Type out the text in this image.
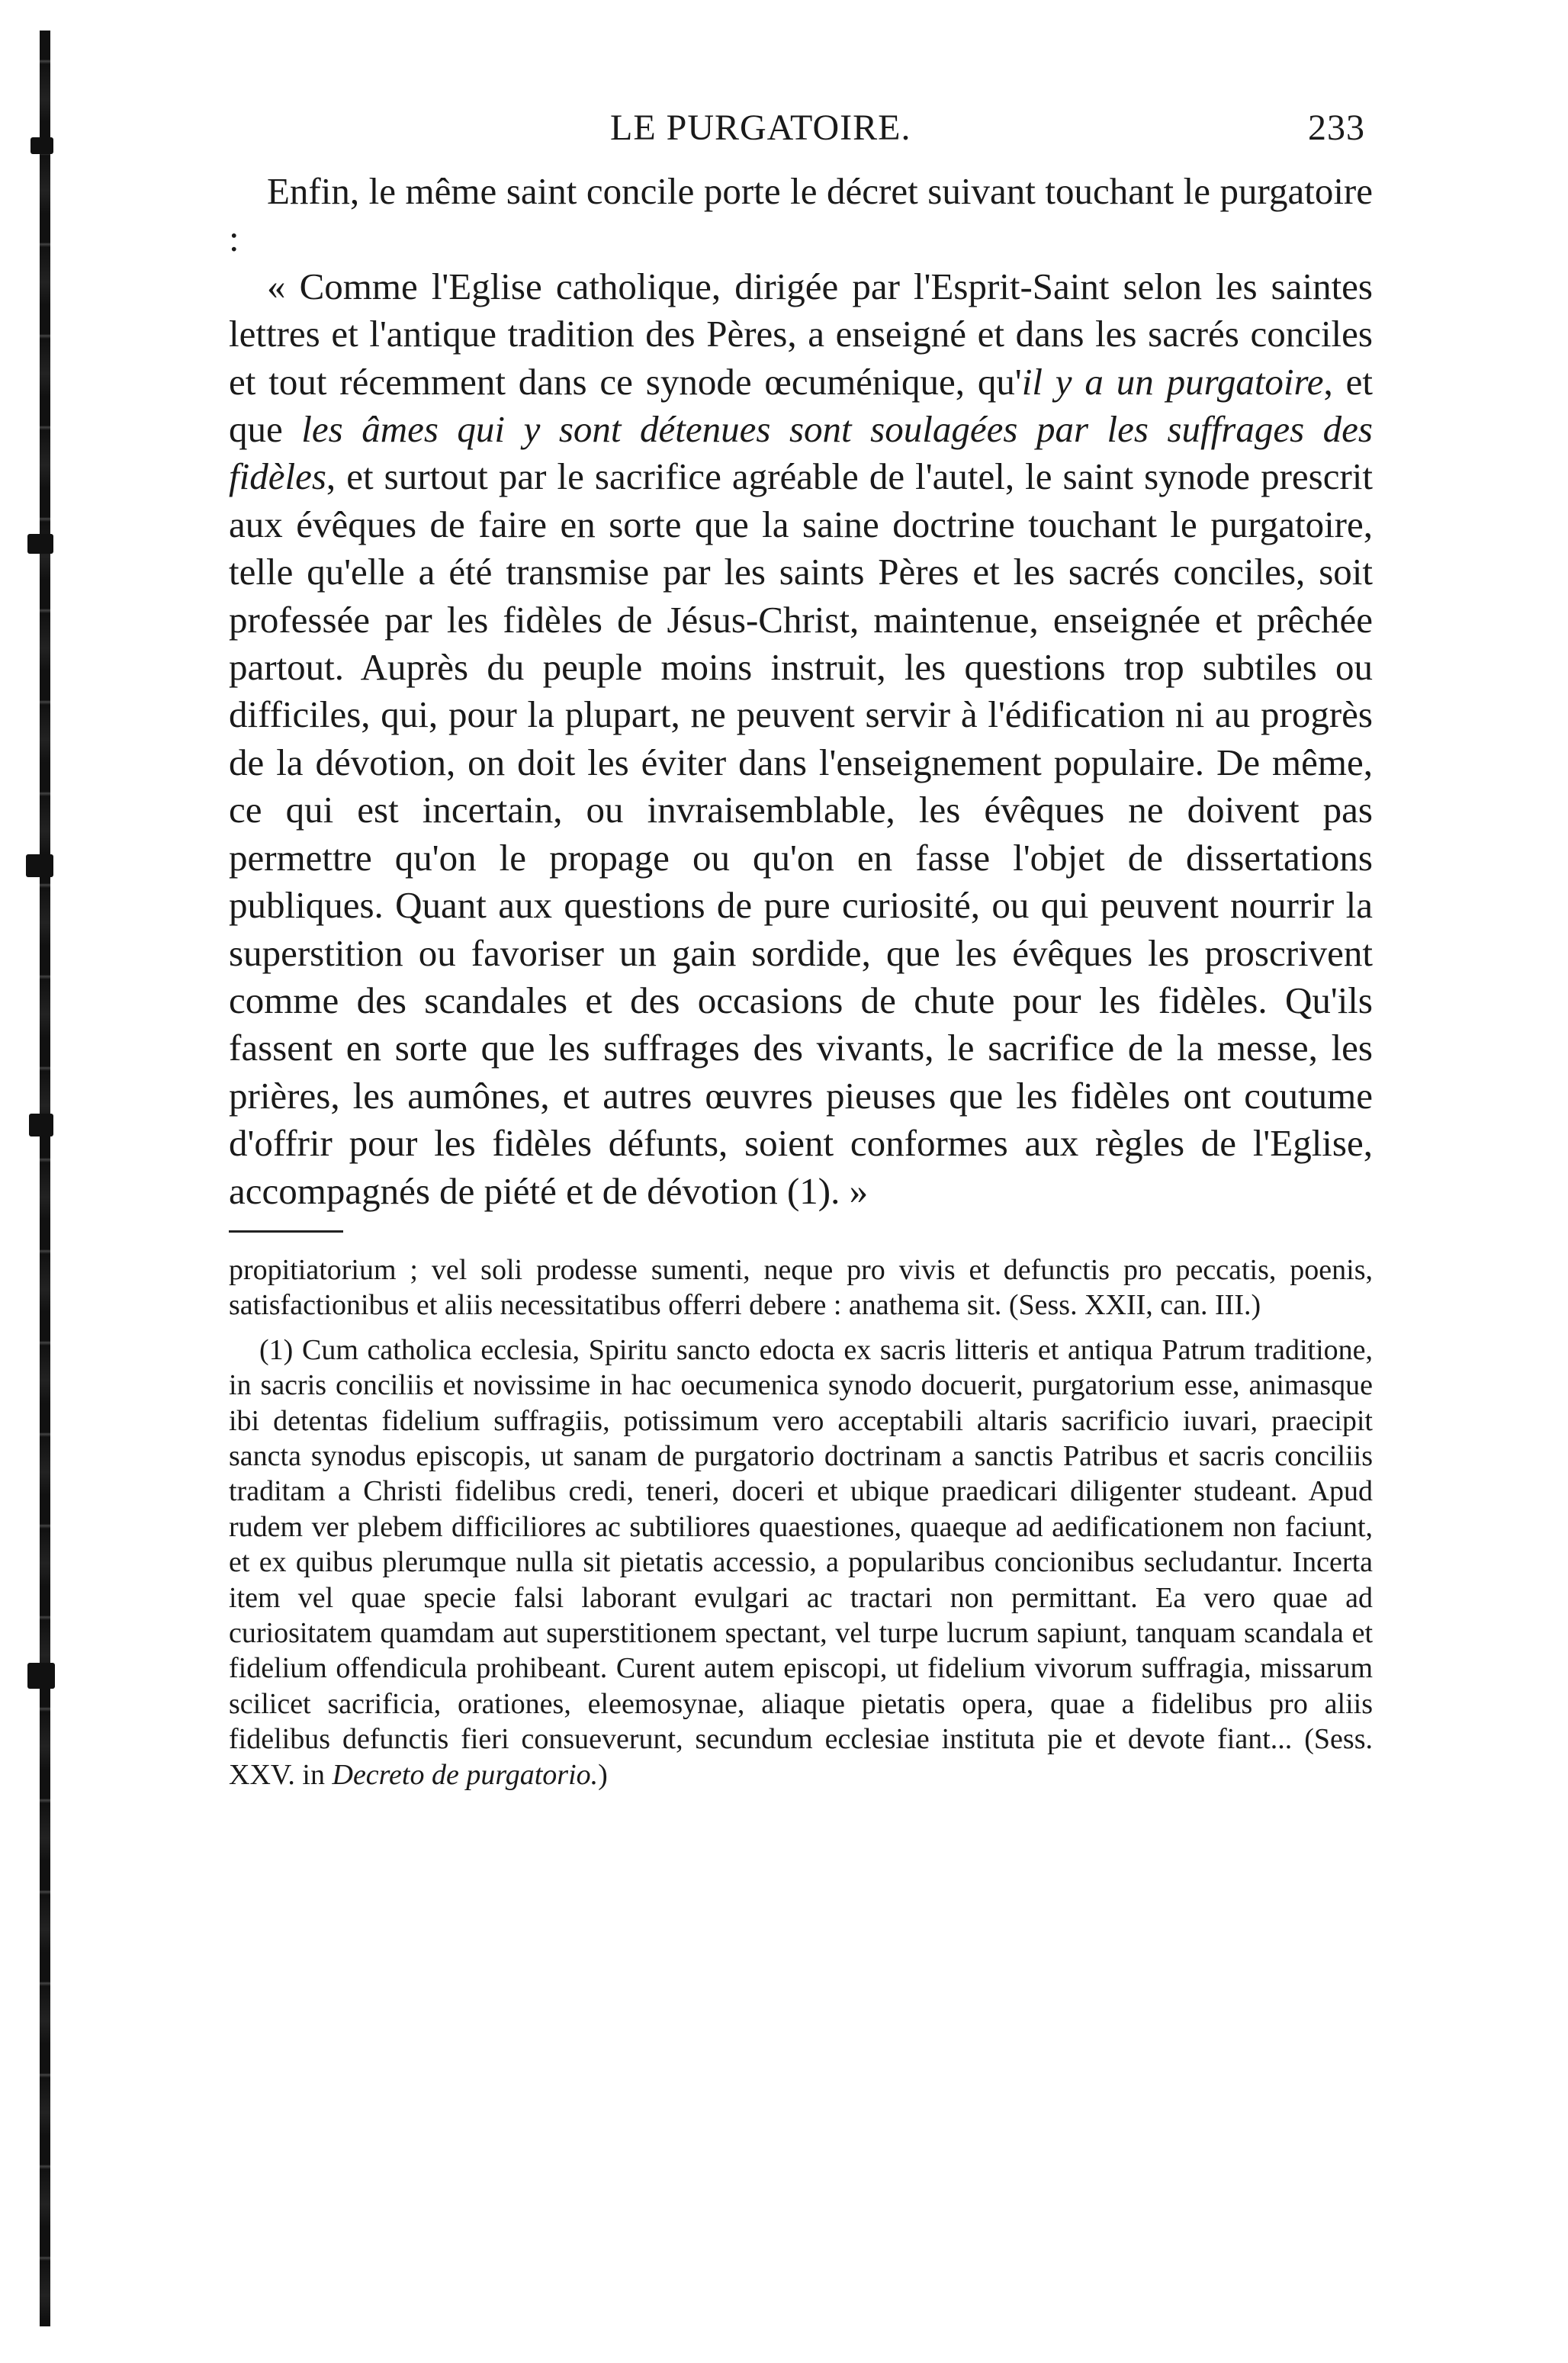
LE PURGATOIRE.	233

Enfin, le même saint concile porte le décret suivant touchant le purgatoire :

« Comme l'Eglise catholique, dirigée par l'Esprit-Saint selon les saintes lettres et l'antique tradition des Pères, a enseigné et dans les sacrés conciles et tout récemment dans ce synode œcuménique, qu'il y a un purgatoire, et que les âmes qui y sont détenues sont soulagées par les suffrages des fidèles, et surtout par le sacrifice agréable de l'autel, le saint synode prescrit aux évêques de faire en sorte que la saine doctrine touchant le purgatoire, telle qu'elle a été transmise par les saints Pères et les sacrés conciles, soit professée par les fidèles de Jésus-Christ, maintenue, enseignée et prêchée partout. Auprès du peuple moins instruit, les questions trop subtiles ou difficiles, qui, pour la plupart, ne peuvent servir à l'édification ni au progrès de la dévotion, on doit les éviter dans l'enseignement populaire. De même, ce qui est incertain, ou invraisemblable, les évêques ne doivent pas permettre qu'on le propage ou qu'on en fasse l'objet de dissertations publiques. Quant aux questions de pure curiosité, ou qui peuvent nourrir la superstition ou favoriser un gain sordide, que les évêques les proscrivent comme des scandales et des occasions de chute pour les fidèles. Qu'ils fassent en sorte que les suffrages des vivants, le sacrifice de la messe, les prières, les aumônes, et autres œuvres pieuses que les fidèles ont coutume d'offrir pour les fidèles défunts, soient conformes aux règles de l'Eglise, accompagnés de piété et de dévotion (1). »

propitiatorium ; vel soli prodesse sumenti, neque pro vivis et defunctis pro peccatis, poenis, satisfactionibus et aliis necessitatibus offerri debere : anathema sit. (Sess. XXII, can. III.)

(1) Cum catholica ecclesia, Spiritu sancto edocta ex sacris litteris et antiqua Patrum traditione, in sacris conciliis et novissime in hac oecumenica synodo docuerit, purgatorium esse, animasque ibi detentas fidelium suffragiis, potissimum vero acceptabili altaris sacrificio iuvari, praecipit sancta synodus episcopis, ut sanam de purgatorio doctrinam a sanctis Patribus et sacris conciliis traditam a Christi fidelibus credi, teneri, doceri et ubique praedicari diligenter studeant. Apud rudem ver plebem difficiliores ac subtiliores quaestiones, quaeque ad aedificationem non faciunt, et ex quibus plerumque nulla sit pietatis accessio, a popularibus concionibus secludantur. Incerta item vel quae specie falsi laborant evulgari ac tractari non permittant. Ea vero quae ad curiositatem quamdam aut superstitionem spectant, vel turpe lucrum sapiunt, tanquam scandala et fidelium offendicula prohibeant. Curent autem episcopi, ut fidelium vivorum suffragia, missarum scilicet sacrificia, orationes, eleemosynae, aliaque pietatis opera, quae a fidelibus pro aliis fidelibus defunctis fieri consueverunt, secundum ecclesiae instituta pie et devote fiant... (Sess. XXV. in Decreto de purgatorio.)
